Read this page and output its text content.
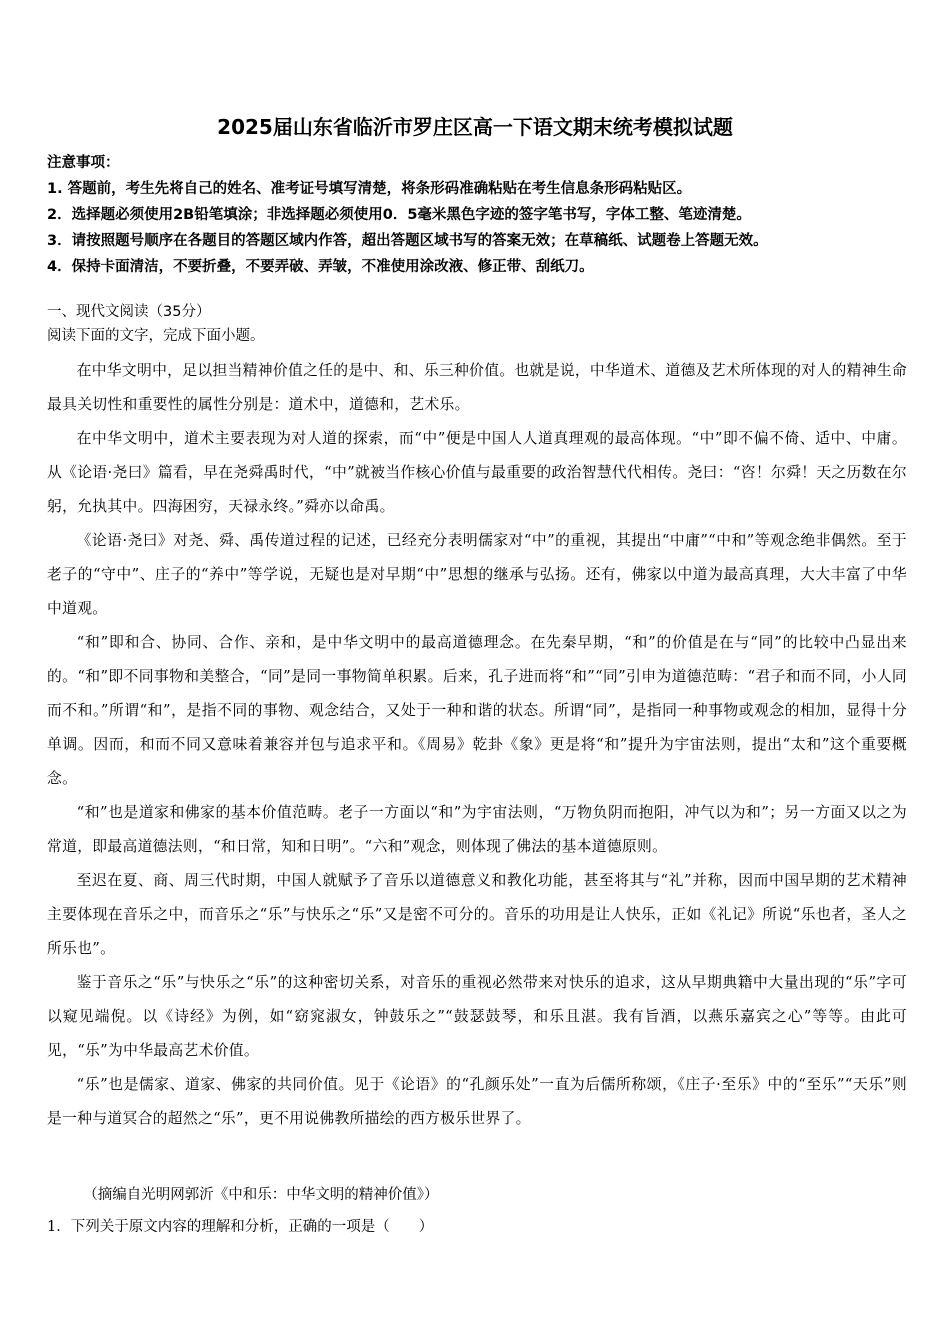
2025届山东省临沂市罗庄区高一下语文期末统考模拟试题
注意事项：
1. 答题前，考生先将自己的姓名、准考证号填写清楚，将条形码准确粘贴在考生信息条形码粘贴区。
2．选择题必须使用2B铅笔填涂；非选择题必须使用0．5毫米黑色字迹的签字笔书写，字体工整、笔迹清楚。
3．请按照题号顺序在各题目的答题区域内作答，超出答题区域书写的答案无效；在草稿纸、试题卷上答题无效。
4．保持卡面清洁，不要折叠，不要弄破、弄皱，不准使用涂改液、修正带、刮纸刀。
一、现代文阅读（35分）
阅读下面的文字，完成下面小题。

在中华文明中，足以担当精神价值之任的是中、和、乐三种价值。也就是说，中华道术、道德及艺术所体现的对人的精神生命最具关切性和重要性的属性分别是：道术中，道德和，艺术乐。

在中华文明中，道术主要表现为对人道的探索，而“中”便是中国人人道真理观的最高体现。“中”即不偏不倚、适中、中庸。从《论语·尧曰》篇看，早在尧舜禹时代，“中”就被当作核心价值与最重要的政治智慧代代相传。尧曰：“咨！尔舜！天之历数在尔躬，允执其中。四海困穷，天禄永终。”舜亦以命禹。

《论语·尧曰》对尧、舜、禹传道过程的记述，已经充分表明儒家对“中”的重视，其提出“中庸”“中和”等观念绝非偶然。至于老子的“守中”、庄子的“养中”等学说，无疑也是对早期“中”思想的继承与弘扬。还有，佛家以中道为最高真理，大大丰富了中华中道观。

“和”即和合、协同、合作、亲和，是中华文明中的最高道德理念。在先秦早期，“和”的价值是在与“同”的比较中凸显出来的。“和”即不同事物和美整合，“同”是同一事物简单积累。后来，孔子进而将“和”“同”引申为道德范畴：“君子和而不同，小人同而不和。”所谓“和”，是指不同的事物、观念结合，又处于一种和谐的状态。所谓“同”，是指同一种事物或观念的相加，显得十分单调。因而，和而不同又意味着兼容并包与追求平和。《周易》乾卦《象》更是将“和”提升为宇宙法则，提出“太和”这个重要概念。

“和”也是道家和佛家的基本价值范畴。老子一方面以“和”为宇宙法则，“万物负阴而抱阳，冲气以为和”；另一方面又以之为常道，即最高道德法则，“和日常，知和日明”。“六和”观念，则体现了佛法的基本道德原则。

至迟在夏、商、周三代时期，中国人就赋予了音乐以道德意义和教化功能，甚至将其与“礼”并称，因而中国早期的艺术精神主要体现在音乐之中，而音乐之“乐”与快乐之“乐”又是密不可分的。音乐的功用是让人快乐，正如《礼记》所说“乐也者，圣人之所乐也”。

鉴于音乐之“乐”与快乐之“乐”的这种密切关系，对音乐的重视必然带来对快乐的追求，这从早期典籍中大量出现的“乐”字可以窥见端倪。以《诗经》为例，如“窈窕淑女，钟鼓乐之”“鼓瑟鼓琴，和乐且湛。我有旨酒，以燕乐嘉宾之心”等等。由此可见，“乐”为中华最高艺术价值。

“乐”也是儒家、道家、佛家的共同价值。见于《论语》的“孔颜乐处”一直为后儒所称颂，《庄子·至乐》中的“至乐”“天乐”则是一种与道冥合的超然之“乐”，更不用说佛教所描绘的西方极乐世界了。

（摘编自光明网郭沂《中和乐：中华文明的精神价值》）
1．下列关于原文内容的理解和分析，正确的一项是（　　）
